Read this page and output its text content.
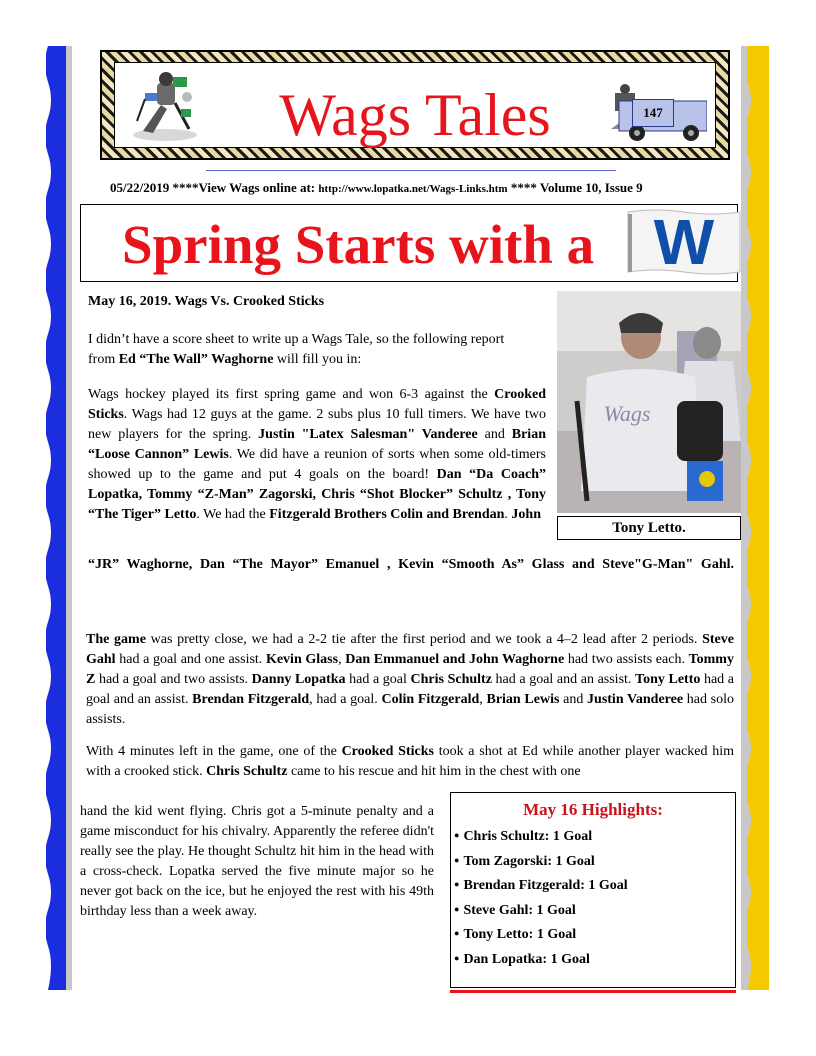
Wags Tales	147
05/22/2019 ****View Wags online at: http://www.lopatka.net/Wags-Links.htm **** Volume 10, Issue 9
Spring Starts with a W
May 16, 2019. Wags Vs. Crooked Sticks

I didn’t have a score sheet to write up a Wags Tale, so the following report from Ed “The Wall” Waghorne will fill you in:

Wags hockey played its first spring game and won 6-3 against the Crooked Sticks. Wags had 12 guys at the game. 2 subs plus 10 full timers. We have two new players for the spring. Justin "Latex Salesman" Vanderee and Brian “Loose Cannon” Lewis. We did have a reunion of sorts when some old-timers showed up to the game and put 4 goals on the board! Dan “Da Coach” Lopatka, Tommy “Z-Man” Zagorski, Chris “Shot Blocker” Schultz , Tony “The Tiger” Letto. We had the Fitzgerald Brothers Colin and Brendan. John

“JR” Waghorne, Dan “The Mayor” Emanuel , Kevin “Smooth As” Glass and Steve"G-Man" Gahl.

Wags
Tony Letto.

The game was pretty close, we had a 2-2 tie after the first period and we took a 4–2 lead after 2 periods. Steve Gahl had a goal and one assist. Kevin Glass, Dan Emmanuel and John Waghorne had two assists each. Tommy Z had a goal and two assists. Danny Lopatka had a goal Chris Schultz had a goal and an assist. Tony Letto had a goal and an assist. Brendan Fitzgerald, had a goal. Colin Fitzgerald, Brian Lewis and Justin Vanderee had solo assists.

With 4 minutes left in the game, one of the Crooked Sticks took a shot at Ed while another player wacked him with a crooked stick. Chris Schultz came to his rescue and hit him in the chest with one

hand the kid went flying. Chris got a 5-minute penalty and a game misconduct for his chivalry. Apparently the referee didn't really see the play. He thought Schultz hit him in the head with a cross-check. Lopatka served the five minute major so he never got back on the ice, but he enjoyed the rest with his 49th birthday less than a week away.

May 16 Highlights:
● Chris Schultz: 1 Goal
● Tom Zagorski: 1 Goal
● Brendan Fitzgerald: 1 Goal
● Steve Gahl: 1 Goal
● Tony Letto: 1 Goal
● Dan Lopatka: 1 Goal
